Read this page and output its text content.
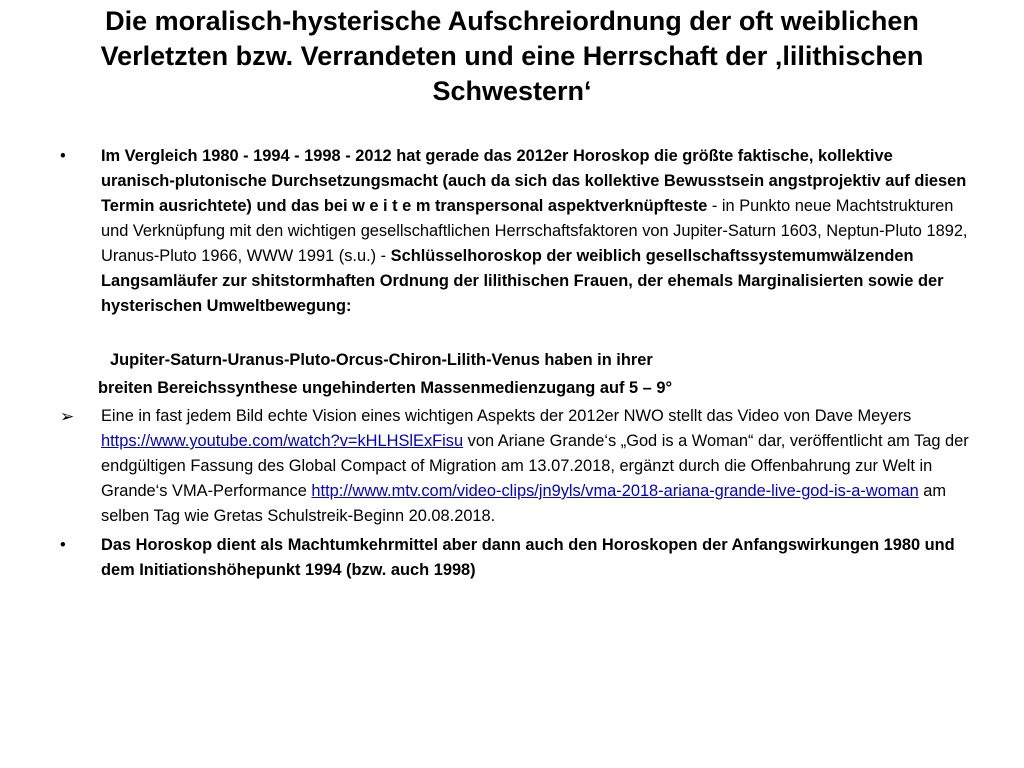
Die moralisch-hysterische Aufschreiordnung der oft weiblichen Verletzten bzw. Verrandeten und eine Herrschaft der ‚lilithischen Schwestern‘
•	Im Vergleich 1980 - 1994 - 1998 - 2012 hat gerade das 2012er Horoskop die größte faktische, kollektive uranisch-plutonische Durchsetzungsmacht (auch da sich das kollektive Bewusstsein angstprojektiv auf diesen Termin ausrichtete) und das bei w e i t e m transpersonal aspektverknüpfteste - in Punkto neue Machtstrukturen und Verknüpfung mit den wichtigen gesellschaftlichen Herrschaftsfaktoren von Jupiter-Saturn 1603, Neptun-Pluto 1892, Uranus-Pluto 1966, WWW 1991 (s.u.) - Schlüsselhoroskop der weiblich gesellschaftssystemumwälzenden Langsamläufer zur shitstormhaften Ordnung der lilithischen Frauen, der ehemals Marginalisierten sowie der hysterischen Umweltbewegung:
Jupiter-Saturn-Uranus-Pluto-Orcus-Chiron-Lilith-Venus haben in ihrer
breiten Bereichssynthese ungehinderten Massenmedienzugang auf 5 – 9°
➢	Eine in fast jedem Bild echte Vision eines wichtigen Aspekts der 2012er NWO stellt das Video von Dave Meyers https://www.youtube.com/watch?v=kHLHSlExFisu von Ariane Grande‘s „God is a Woman“ dar, veröffentlicht am Tag der endgültigen Fassung des Global Compact of Migration am 13.07.2018, ergänzt durch die Offenbahrung zur Welt in Grande‘s VMA-Performance http://www.mtv.com/video-clips/jn9yls/vma-2018-ariana-grande-live-god-is-a-woman am selben Tag wie Gretas Schulstreik-Beginn 20.08.2018.
•	Das Horoskop dient als Machtumkehrmittel aber dann auch den Horoskopen der Anfangswirkungen 1980 und dem Initiationshöhepunkt 1994 (bzw. auch 1998)
